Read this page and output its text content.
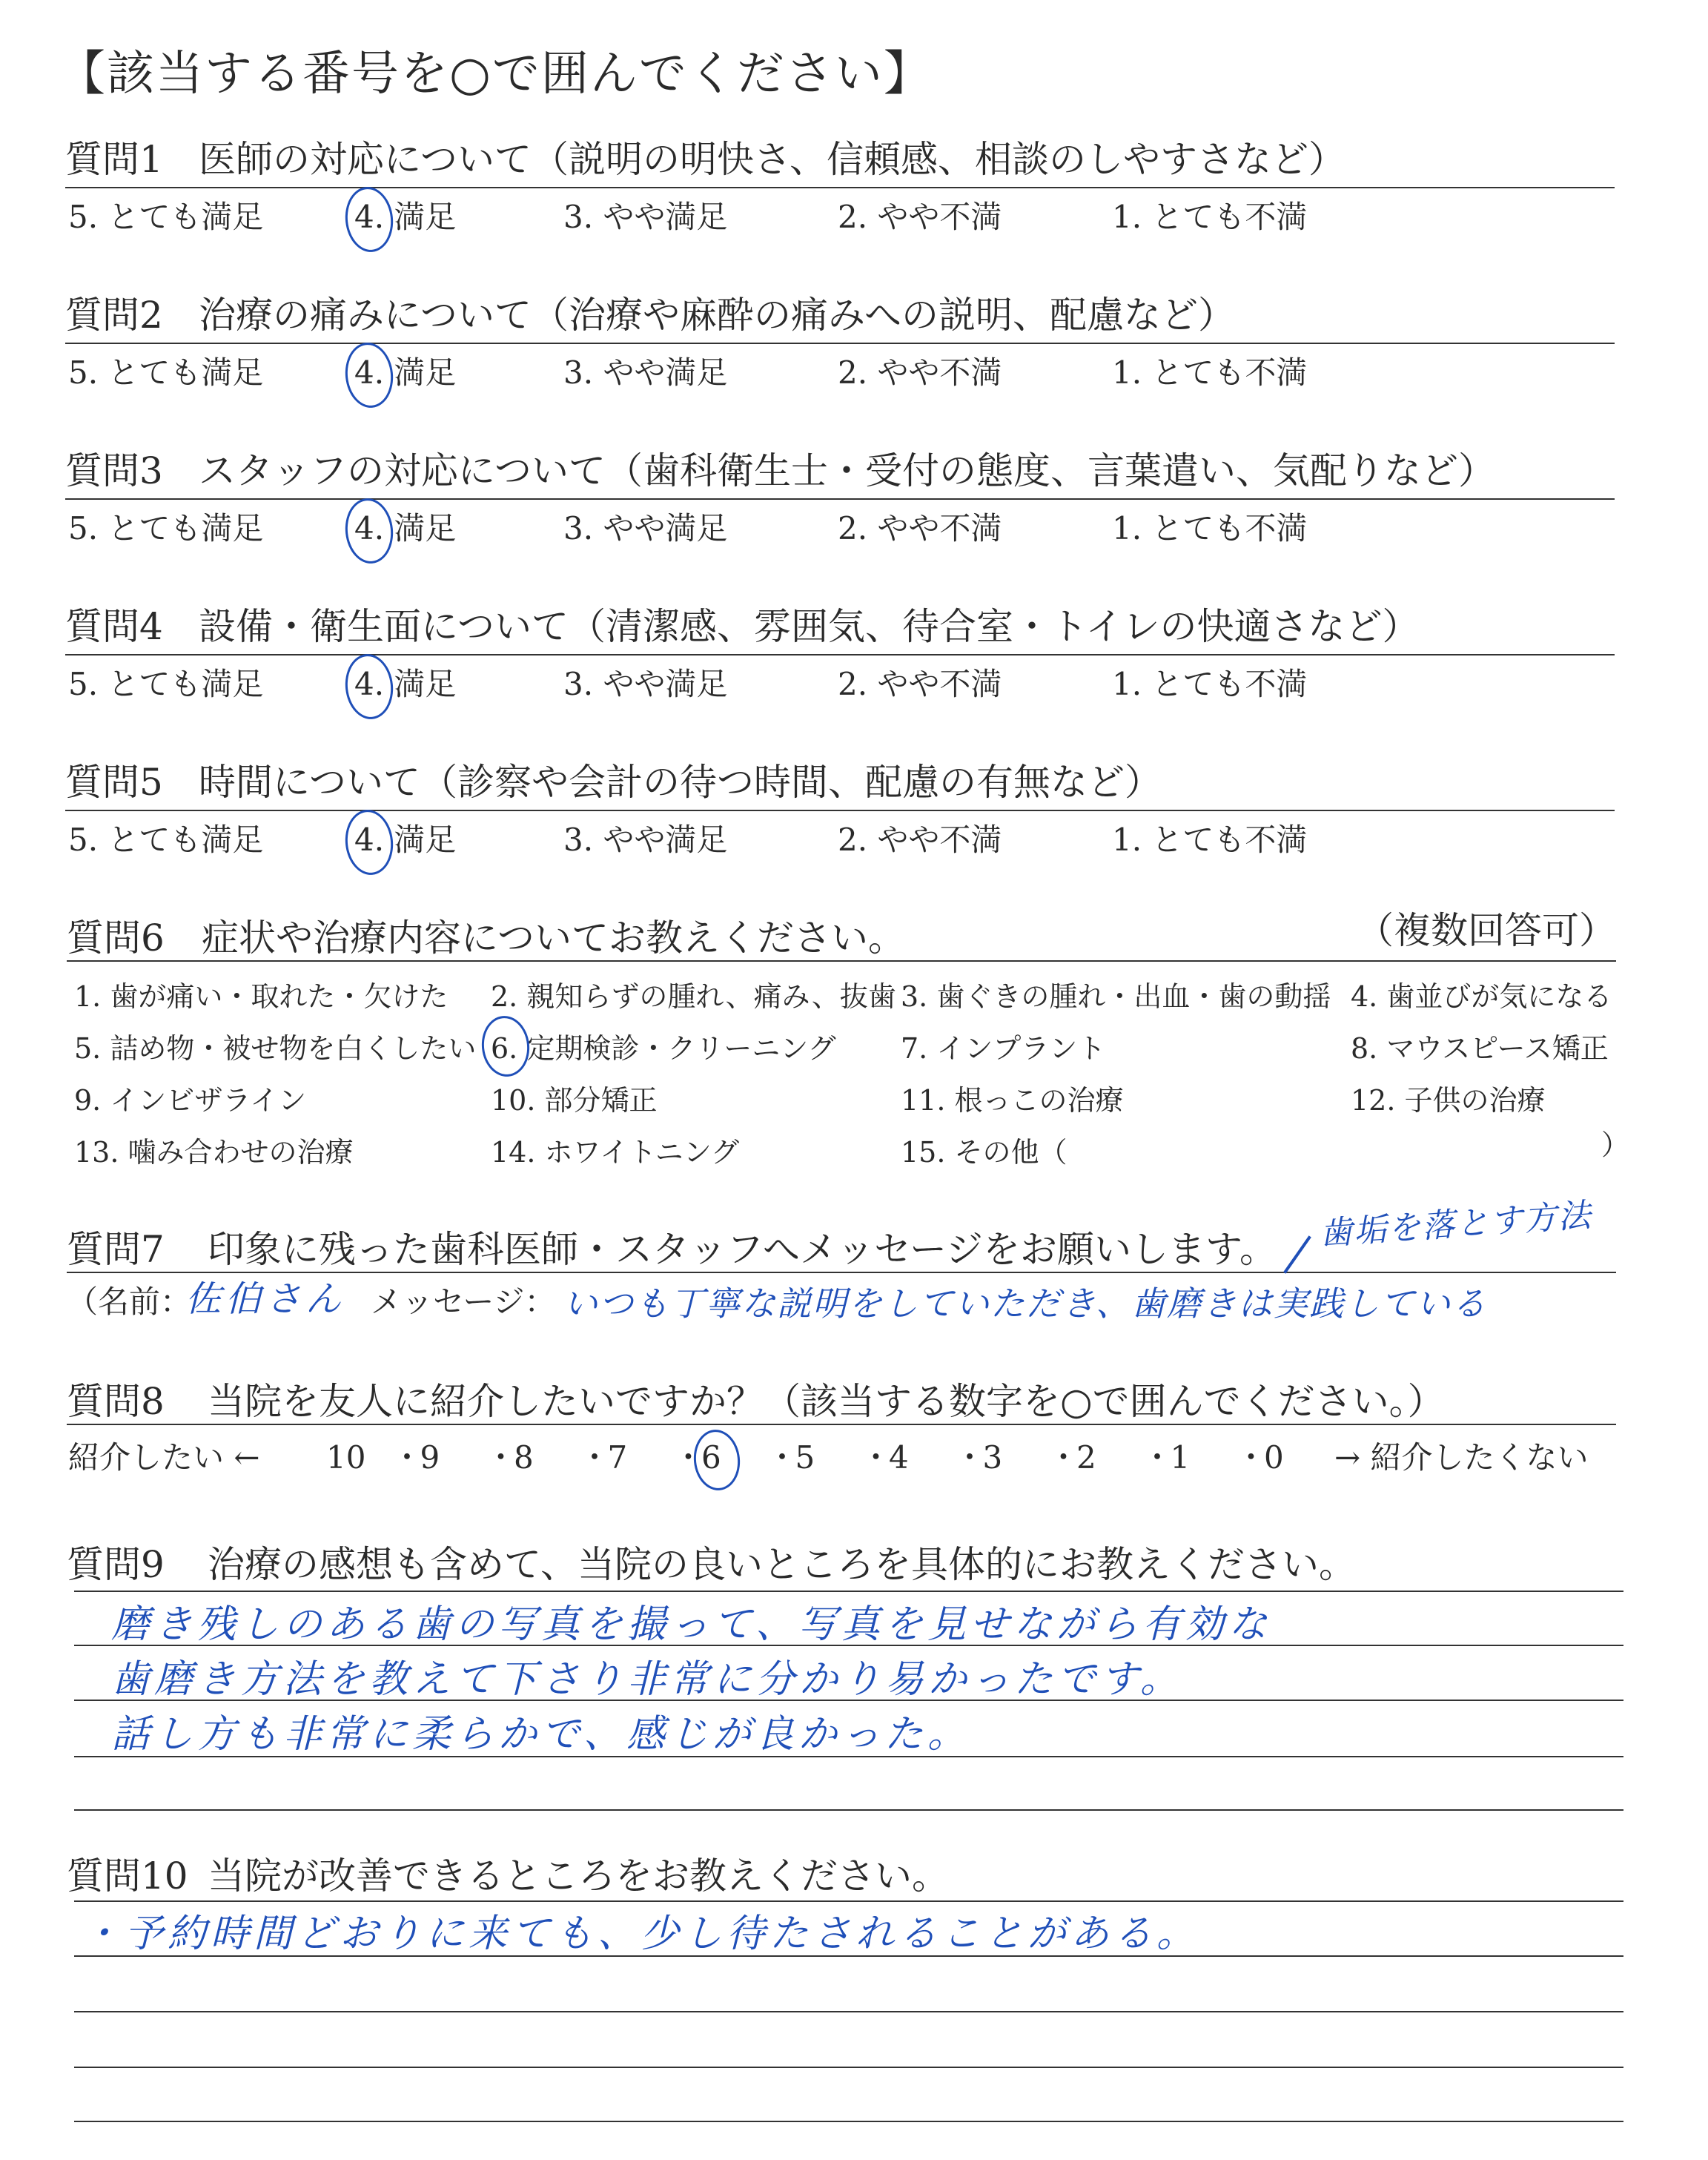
【該当する番号を○で囲んでください】
質問1 医師の対応について（説明の明快さ、信頼感、相談のしやすさなど）
5. とても満足	4. 満足	3. やや満足	2. やや不満	1. とても不満
質問2 治療の痛みについて（治療や麻酔の痛みへの説明、配慮など）
5. とても満足	4. 満足	3. やや満足	2. やや不満	1. とても不満
質問3 スタッフの対応について（歯科衛生士・受付の態度、言葉遣い、気配りなど）
5. とても満足	4. 満足	3. やや満足	2. やや不満	1. とても不満
質問4 設備・衛生面について（清潔感、雰囲気、待合室・トイレの快適さなど）
5. とても満足	4. 満足	3. やや満足	2. やや不満	1. とても不満
質問5 時間について（診察や会計の待つ時間、配慮の有無など）
5. とても満足	4. 満足	3. やや満足	2. やや不満	1. とても不満
質問6 症状や治療内容についてお教えください。	（複数回答可）
1. 歯が痛い・取れた・欠けた 2. 親知らずの腫れ、痛み、抜歯 3. 歯ぐきの腫れ・出血・歯の動揺 4. 歯並びが気になる
5. 詰め物・被せ物を白くしたい 6. 定期検診・クリーニング 7. インプラント	8. マウスピース矯正
9. インビザライン	10. 部分矯正	11. 根っこの治療	12. 子供の治療
13. 噛み合わせの治療	14. ホワイトニング	15. その他（	）
質問7 印象に残った歯科医師・スタッフへメッセージをお願いします。
（名前：
佐伯さん メッセージ： いつも丁寧な説明をしていただき、歯磨きは実践している
歯垢を落とす方法
質問8 当院を友人に紹介したいですか？（該当する数字を○で囲んでください。）
紹介したい ←	→ 紹介したくない
10 ・
9 ・
8 ・
7 ・
6 ・
5 ・
4 ・
3 ・
2 ・
1 ・
0
質問9 治療の感想も含めて、当院の良いところを具体的にお教えください。
磨き残しのある歯の写真を撮って、写真を見せながら有効な
歯磨き方法を教えて下さり非常に分かり易かったです。
話し方も非常に柔らかで、感じが良かった。
質問10 当院が改善できるところをお教えください。
・予約時間どおりに来ても、少し待たされることがある。
